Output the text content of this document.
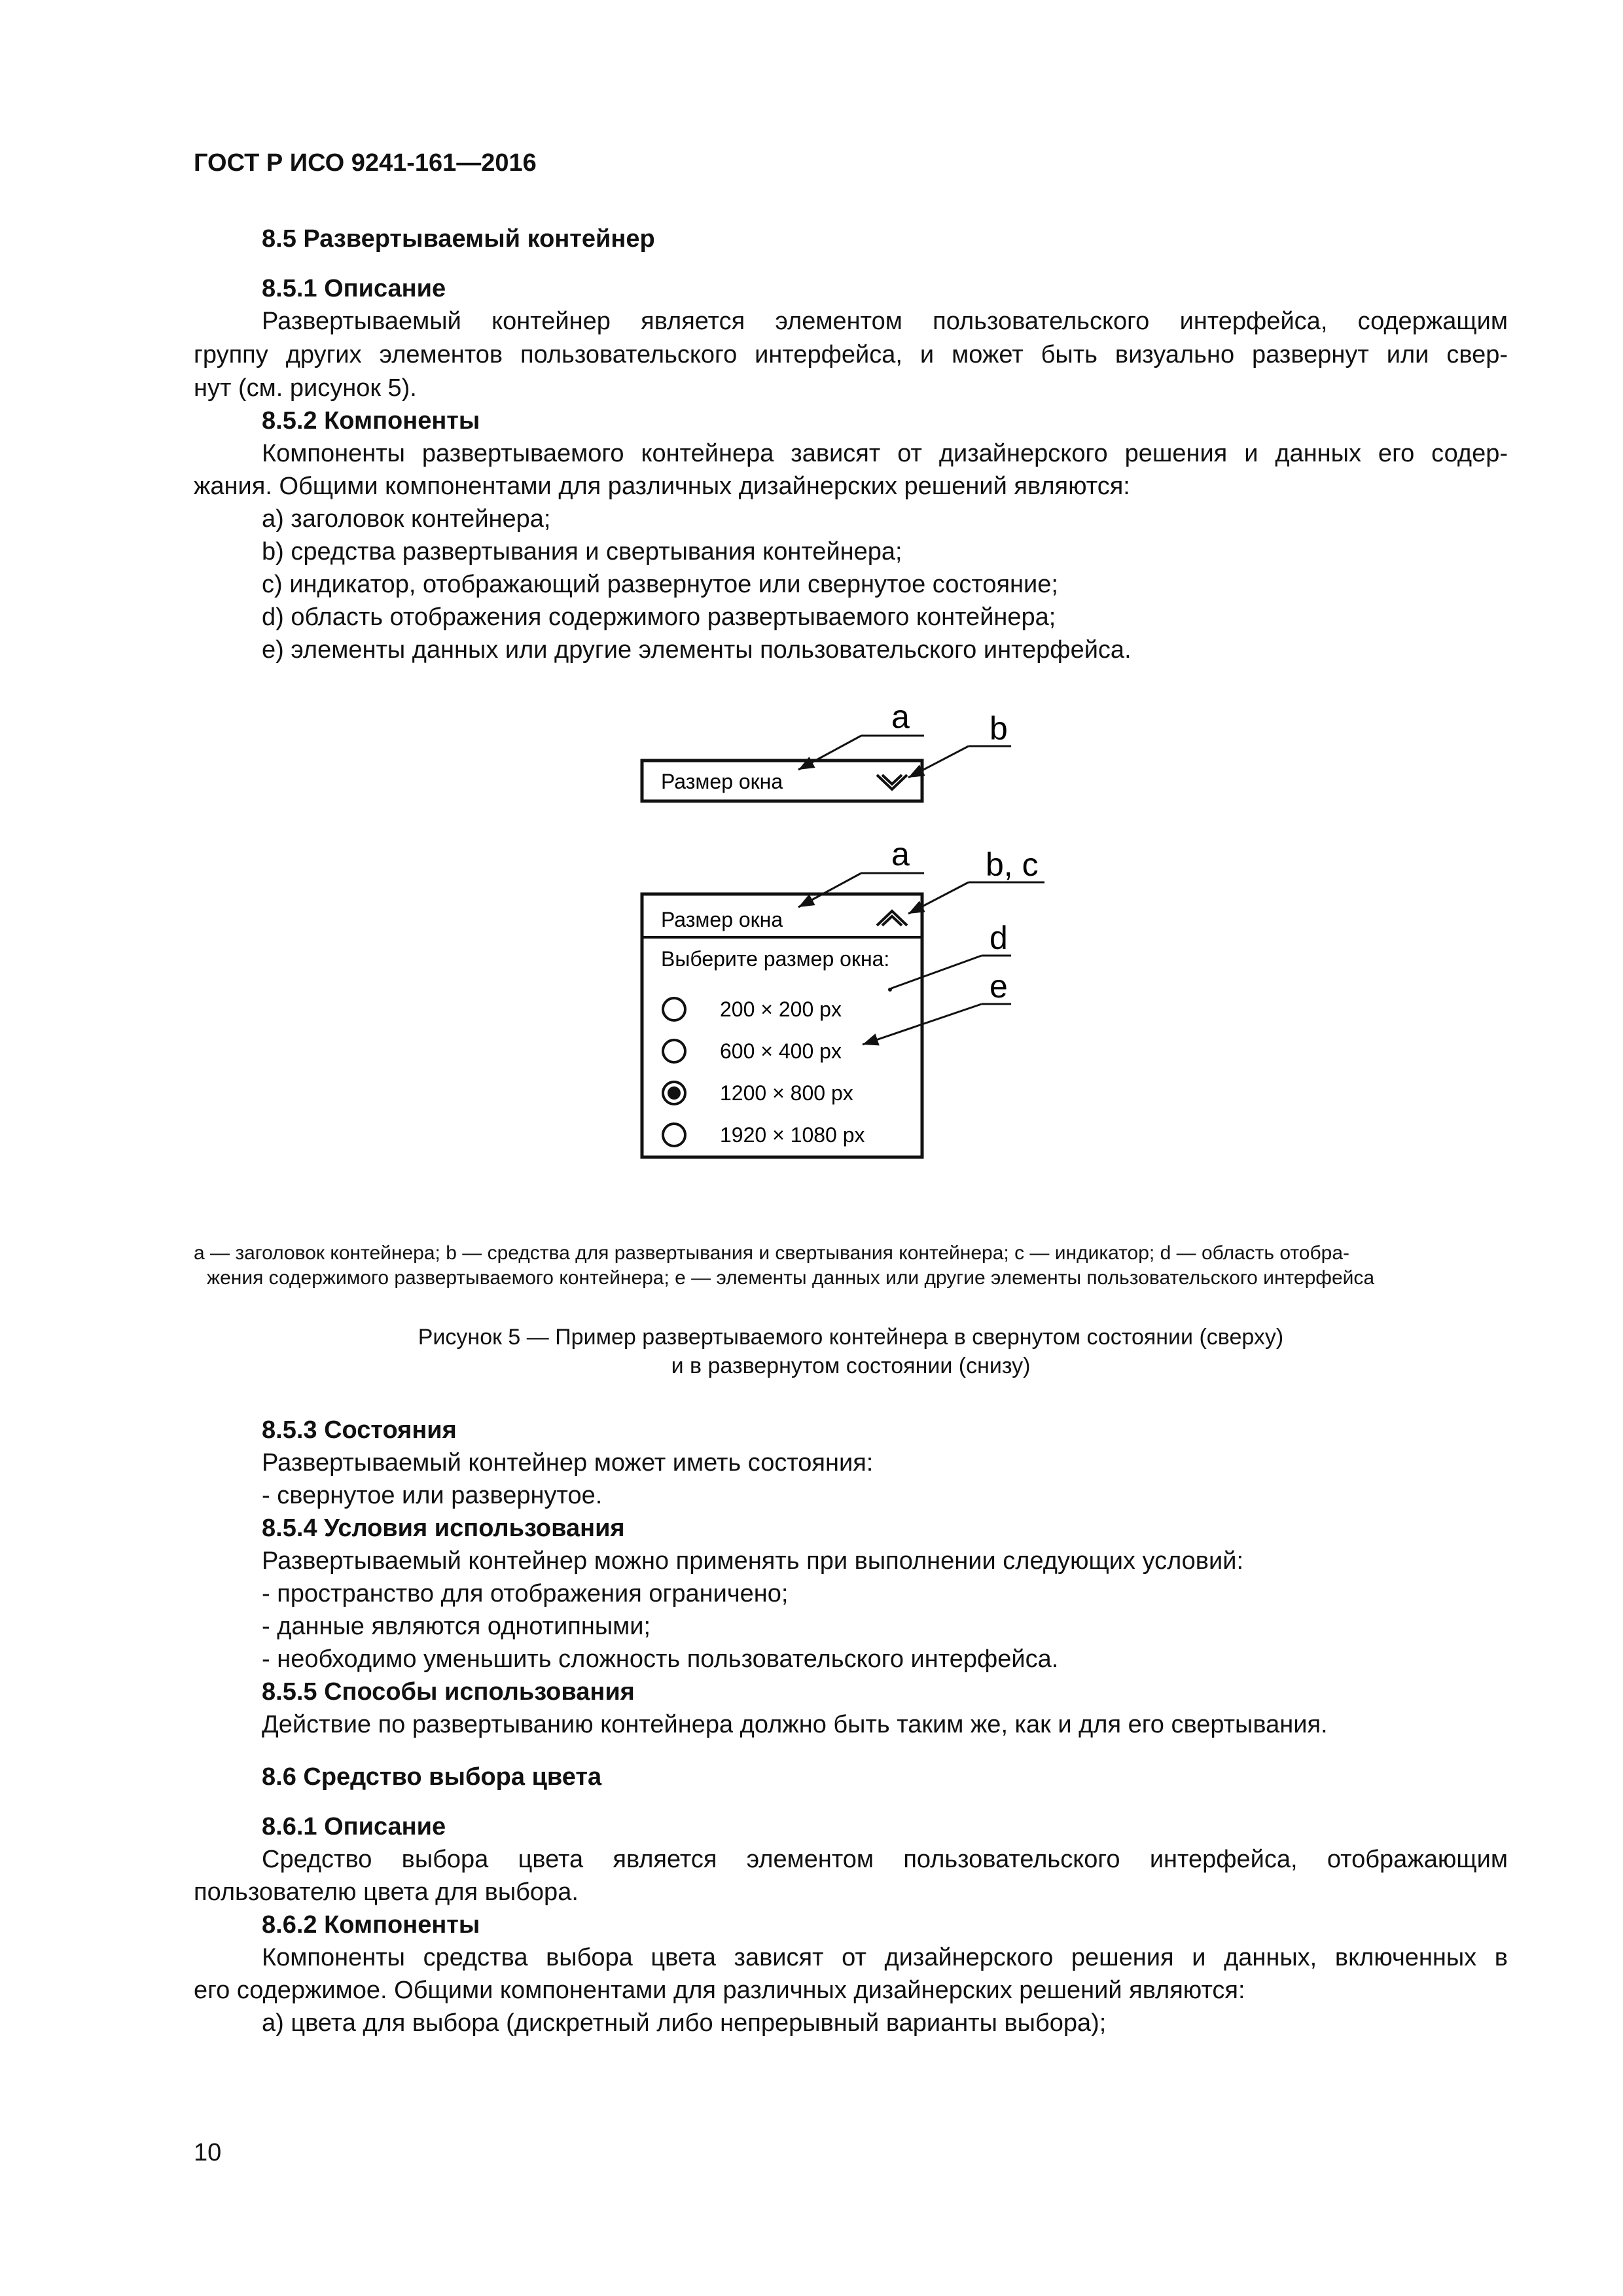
ГОСТ Р ИСО 9241-161—2016
8.5 Развертываемый контейнер
8.5.1 Описание
Развертываемый контейнер является элементом пользовательского интерфейса, содержащим
группу других элементов пользовательского интерфейса, и может быть визуально развернут или свер-
нут (см. рисунок 5).
8.5.2 Компоненты
Компоненты развертываемого контейнера зависят от дизайнерского решения и данных его содер-
жания. Общими компонентами для различных дизайнерских решений являются:
a) заголовок контейнера;
b) средства развертывания и свертывания контейнера;
c) индикатор, отображающий развернутое или свернутое состояние;
d) область отображения содержимого развертываемого контейнера;
e) элементы данных или другие элементы пользовательского интерфейса.
Размер окна
a b
Размер окна
Выберите размер окна:
200 × 200 px
600 × 400 px
1200 × 800 px
1920 × 1080 px
a b, c
d
e
a — заголовок контейнера; b — средства для развертывания и свертывания контейнера; c — индикатор; d — область отобра-
жения содержимого развертываемого контейнера; e — элементы данных или другие элементы пользовательского интерфейса
Рисунок 5 — Пример развертываемого контейнера в свернутом состоянии (сверху)
и в развернутом состоянии (снизу)
8.5.3 Состояния
Развертываемый контейнер может иметь состояния:
- свернутое или развернутое.
8.5.4 Условия использования
Развертываемый контейнер можно применять при выполнении следующих условий:
- пространство для отображения ограничено;
- данные являются однотипными;
- необходимо уменьшить сложность пользовательского интерфейса.
8.5.5 Способы использования
Действие по развертыванию контейнера должно быть таким же, как и для его свертывания.
8.6 Средство выбора цвета
8.6.1 Описание
Средство выбора цвета является элементом пользовательского интерфейса, отображающим
пользователю цвета для выбора.
8.6.2 Компоненты
Компоненты средства выбора цвета зависят от дизайнерского решения и данных, включенных в
его содержимое. Общими компонентами для различных дизайнерских решений являются:
a) цвета для выбора (дискретный либо непрерывный варианты выбора);
10
